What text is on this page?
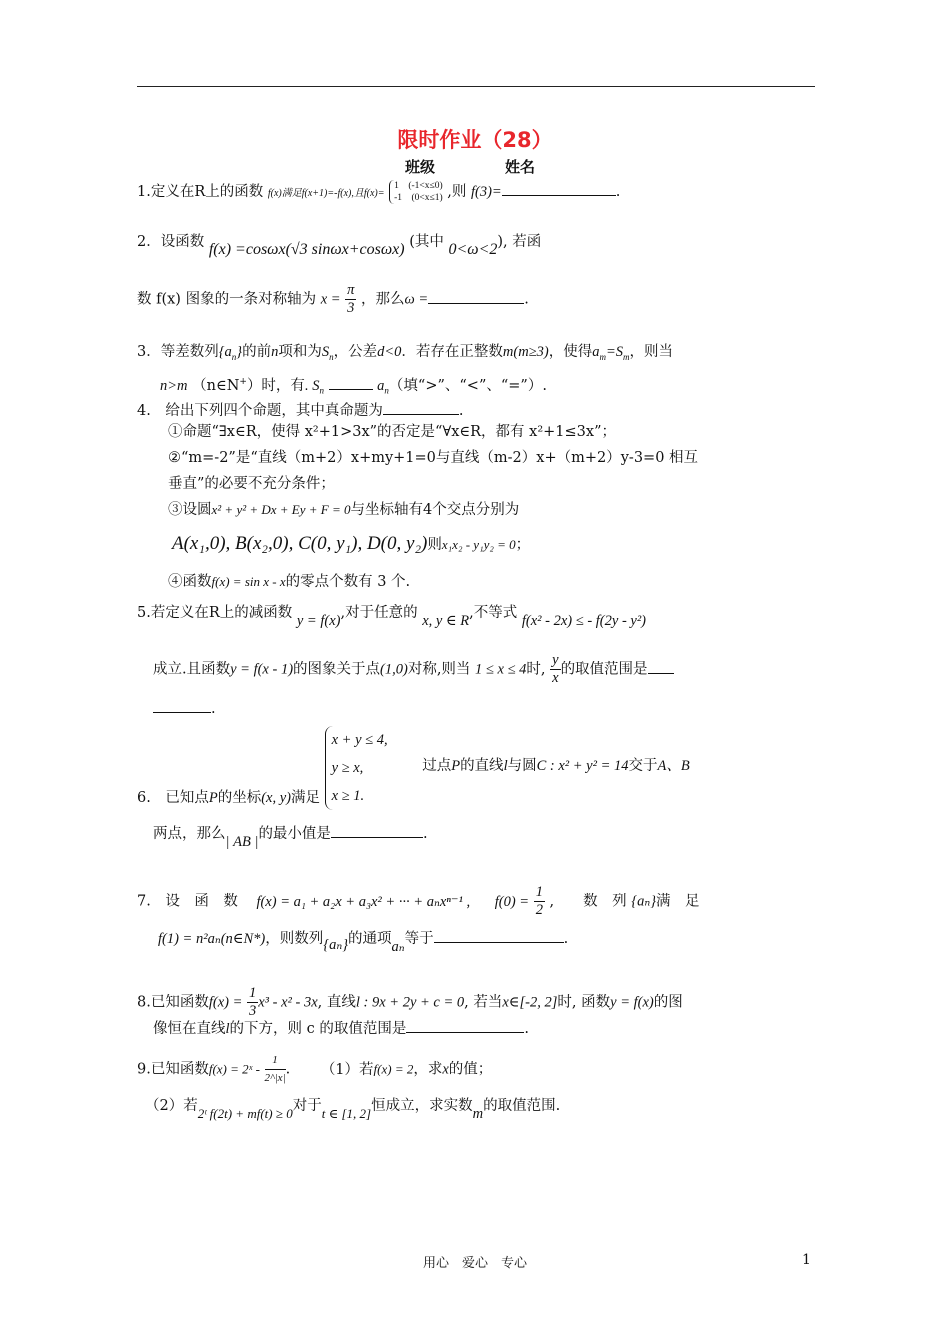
限时作业（28）
班级	姓名
1.定义在R上的函数 f(x)满足f(x+1)=-f(x),且f(x)=
1　(-1<x≤0)
-1　(0<x≤1) ,则 f(3)=	.
2．设函数 f(x) =cosωx(√3 sinωx+cosωx) (其中 0<ω<2), 若函
数 f(x) 图象的一条对称轴为 $x = \frac{\pi}{3}$ ，那么ω =	.
3．等差数列$\{a_n\}$的前n项和为$S_n$，公差d<0．若存在正整数m(m≥3)，使得$a_m=S_m$，则当
n>m （n∈N+）时，有. $S_n$	$a_n$（填“>”、“<”、“=”）.
4.　给出下列四个命题，其中真命题为	.
①命题“∃x∈R，使得 x²+1>3x”的否定是“∀x∈R，都有 x²+1≤3x”；
②“m=-2”是“直线（m+2）x+my+1=0与直线（m-2）x+（m+2）y-3=0 相互
垂直”的必要不充分条件；
③设圆x² + y² + Dx + Ey + F = 0与坐标轴有4个交点分别为
A(x₁,0), B(x₂,0), C(0, y₁), D(0, y₂)则x₁x₂ - y₁y₂ = 0；
④函数f(x) = sin x - x的零点个数有 3 个.
5.若定义在R上的减函数 y = f(x),对于任意的 x, y ∈ R,不等式 f(x² - 2x) ≤ - f(2y - y²)
成立.且函数y = f(x - 1)的图象关于点(1,0)对称,则当 1 ≤ x ≤ 4时, $\frac{y}{x}$ 的取值范围是
.
6.　已知点P的坐标(x, y)满足
x + y ≤ 4,
y ≥ x,
x ≥ 1.
过点P的直线l与圆C : x² + y² = 14交于A、B
两点，那么| AB |的最小值是	.
7.　设　函　数 f(x) = a₁ + a₂x + a₃x² + ··· + aₙxⁿ⁻¹ , $f(0) = \frac{1}{2}$ ,　　数　列 {aₙ}满　足
f(1) = n²aₙ(n∈N*)，则数列{aₙ}的通项aₙ等于	.
8.已知函数$f(x) = \frac{1}{3} x^3 - x^2 - 3x$, 直线l : 9x + 2y + c = 0, 若当x∈[-2, 2]时, 函数y = f(x)的图
像恒在直线l的下方，则 c 的取值范围是	.
9.已知函数f(x) = 2ˣ - $\frac{1}{2\^{}|x|}$ . （1）若f(x) = 2，求x的值；
（2）若2ᵗ f(2t) + mf(t) ≥ 0对于t ∈ [1, 2]恒成立，求实数m的取值范围.
用心　爱心　专心	1
